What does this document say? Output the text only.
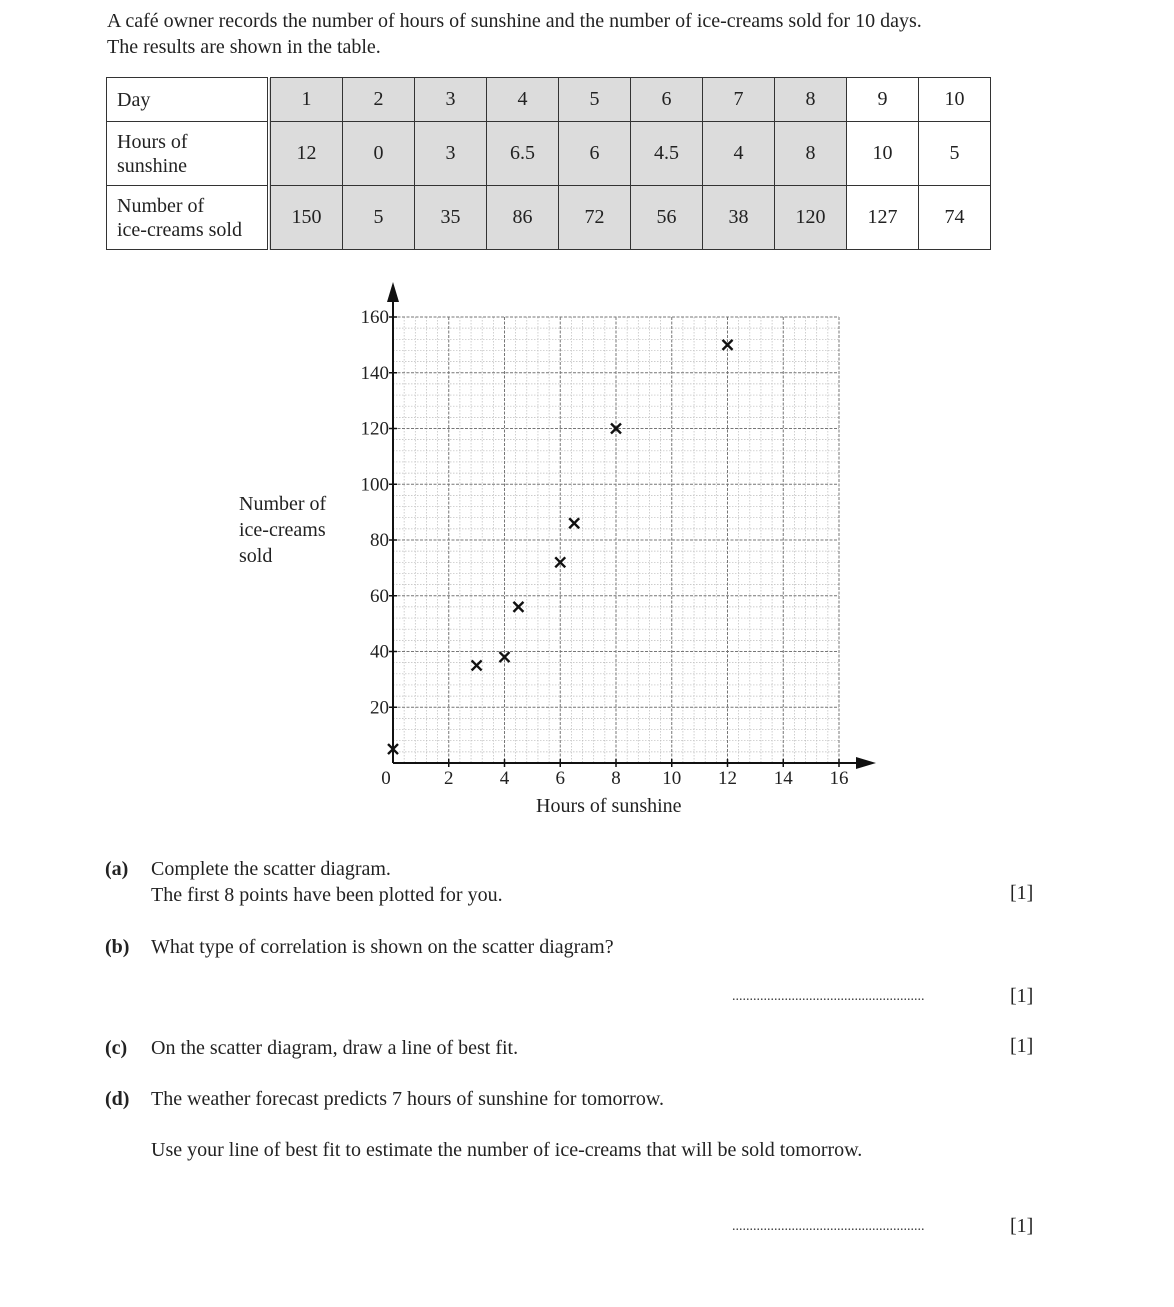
A café owner records the number of hours of sunshine and the number of ice-creams sold for 10 days.
The results are shown in the table.
Day	1	2	3	4	5	6	7	8	9	10
Hours of
sunshine	12	0	3	6.5	6	4.5	4	8	10	5
Number of
ice-creams sold	150	5	35	86	72	56	38	120	127	74
20
40
60
80
100
120
140
160
0	2 4 6 8 10 12 14 16
Number of
ice-creams
sold
Hours of sunshine
(a) Complete the scatter diagram.
The first 8 points have been plotted for you.	[1]
(b) What type of correlation is shown on the scatter diagram?
.......................................................	[1]
(c) On the scatter diagram, draw a line of best fit.	[1]
(d) The weather forecast predicts 7 hours of sunshine for tomorrow.
Use your line of best fit to estimate the number of ice-creams that will be sold tomorrow.
.......................................................	[1]
